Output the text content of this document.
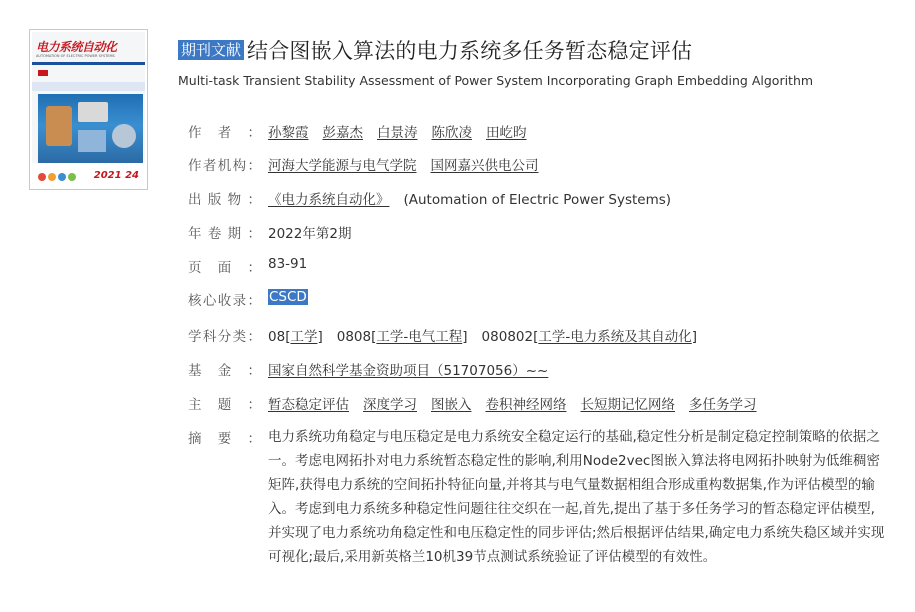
电力系统自动化
AUTOMATION OF ELECTRIC POWER SYSTEMS
2021 24
期刊文献 结合图嵌入算法的电力系统多任务暂态稳定评估
Multi-task Transient Stability Assessment of Power System Incorporating Graph Embedding Algorithm
作 者 ： 孙黎霞 彭嘉杰 白景涛 陈欣凌 田屹昀
作 者 机 构 ： 河海大学能源与电气学院 国网嘉兴供电公司
出 版 物 ： 《电力系统自动化》 (Automation of Electric Power Systems)
年 卷 期 ： 2022年第2期
页 面 ： 83-91
核 心 收 录 ： CSCD
学 科 分 类 ： 08[工学] 0808[工学-电气工程] 080802[工学-电力系统及其自动化]
基 金 ： 国家自然科学基金资助项目（51707056）~~
主 题 ： 暂态稳定评估 深度学习 图嵌入 卷积神经网络 长短期记忆网络 多任务学习
摘 要 ： 电力系统功角稳定与电压稳定是电力系统安全稳定运行的基础,稳定性分析是制定稳定控制策略的依据之一。考虑电网拓扑对电力系统暂态稳定性的影响,利用Node2vec图嵌入算法将电网拓扑映射为低维稠密矩阵,获得电力系统的空间拓扑特征向量,并将其与电气量数据相组合形成重构数据集,作为评估模型的输入。考虑到电力系统多种稳定性问题往往交织在一起,首先,提出了基于多任务学习的暂态稳定评估模型,并实现了电力系统功角稳定性和电压稳定性的同步评估;然后根据评估结果,确定电力系统失稳区域并实现可视化;最后,采用新英格兰10机39节点测试系统验证了评估模型的有效性。
